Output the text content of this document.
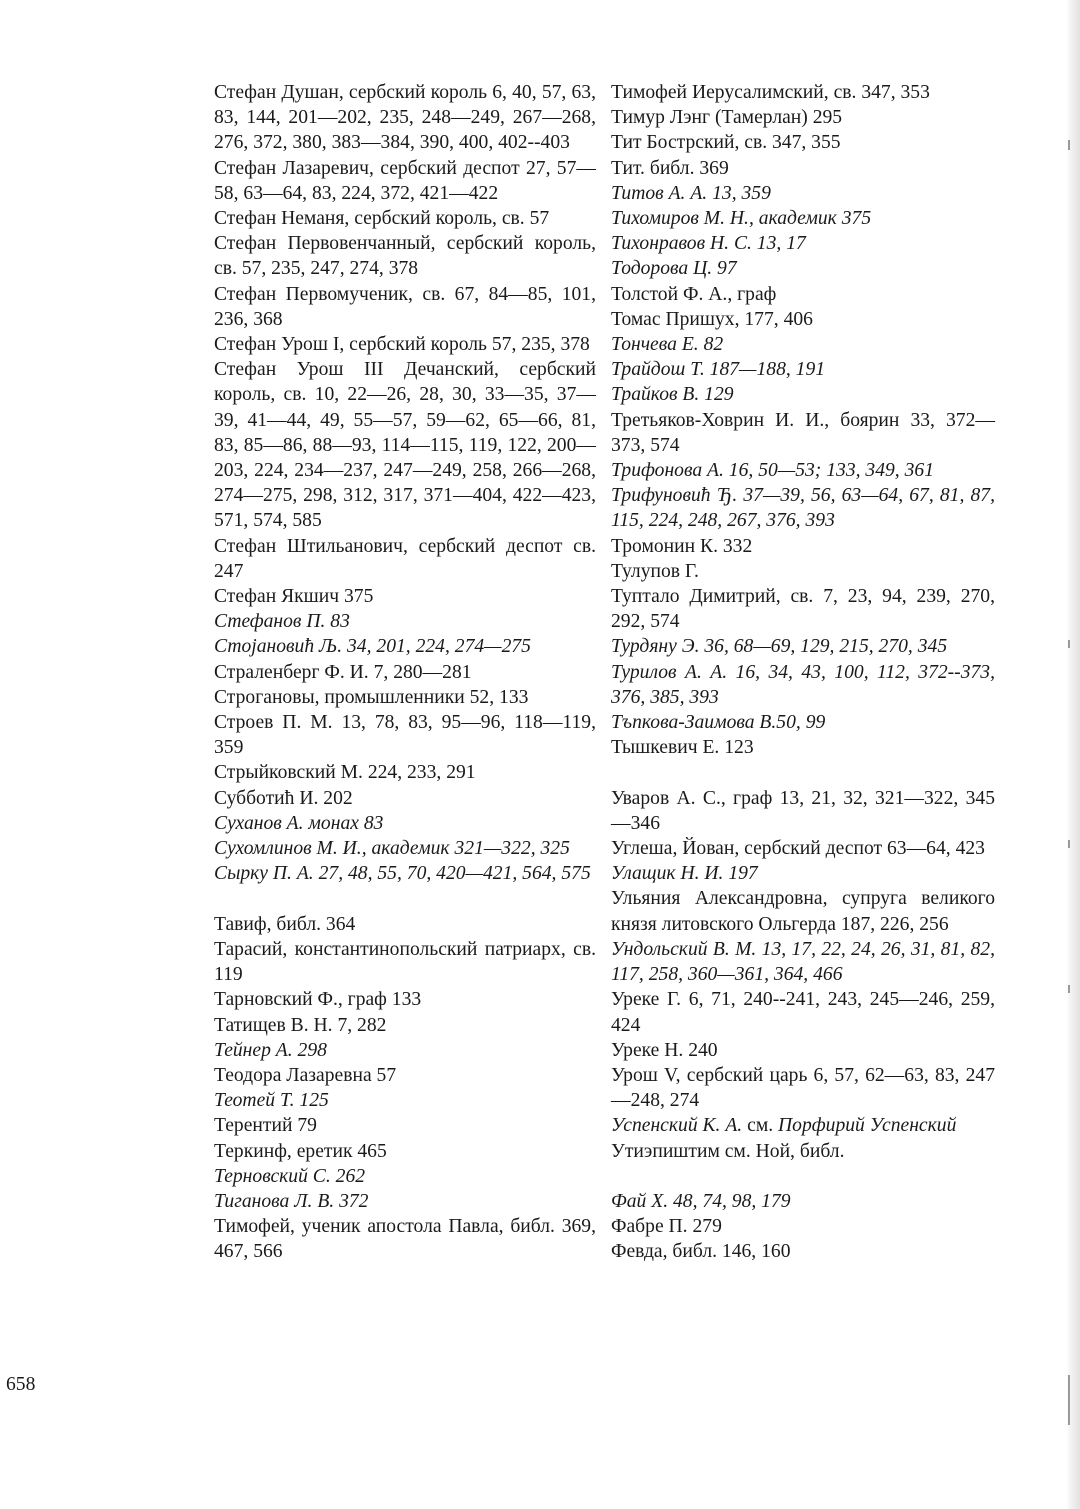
Стефан Душан, сербский король 6, 40, 57, 63, 83, 144, 201—202, 235, 248—249, 267—268, 276, 372, 380, 383—384, 390, 400, 402--403
Стефан Лазаревич, сербский деспот 27, 57—58, 63—64, 83, 224, 372, 421—422
Стефан Неманя, сербский король, св. 57
Стефан Первовенчанный, сербский король, св. 57, 235, 247, 274, 378
Стефан Первомученик, св. 67, 84—85, 101, 236, 368
Стефан Урош I, сербский король 57, 235, 378
Стефан Урош III Дечанский, сербский король, св. 10, 22—26, 28, 30, 33—35, 37—39, 41—44, 49, 55—57, 59—62, 65—66, 81, 83, 85—86, 88—93, 114—115, 119, 122, 200—203, 224, 234—237, 247—249, 258, 266—268, 274—275, 298, 312, 317, 371—404, 422—423, 571, 574, 585
Стефан Штильанович, сербский деспот св. 247
Стефан Якшич 375
Стефанов П. 83
Стојановић Љ. 34, 201, 224, 274—275
Страленберг Ф. И. 7, 280—281
Строгановы, промышленники 52, 133
Строев П. М. 13, 78, 83, 95—96, 118—119, 359
Стрыйковский М. 224, 233, 291
Субботић И. 202
Суханов А. монах 83
Сухомлинов М. И., академик 321—322, 325
Сырку П. А. 27, 48, 55, 70, 420—421, 564, 575
Тавиф, библ. 364
Тарасий, константинопольский патриарх, св. 119
Тарновский Ф., граф 133
Татищев В. Н. 7, 282
Тейнер А. 298
Теодора Лазаревна 57
Теотей Т. 125
Терентий 79
Теркинф, еретик 465
Терновский С. 262
Тиганова Л. В. 372
Тимофей, ученик апостола Павла, библ. 369, 467, 566
Тимофей Иерусалимский, св. 347, 353
Тимур Лэнг (Тамерлан) 295
Тит Бострский, св. 347, 355
Тит. библ. 369
Титов А. А. 13, 359
Тихомиров М. Н., академик 375
Тихонравов Н. С. 13, 17
Тодорова Ц. 97
Толстой Ф. А., граф
Томас Пришух, 177, 406
Тончева Е. 82
Трайдош Т. 187—188, 191
Трайков В. 129
Третьяков-Ховрин И. И., боярин 33, 372—373, 574
Трифонова А. 16, 50—53; 133, 349, 361
Трифуновић Ђ. 37—39, 56, 63—64, 67, 81, 87, 115, 224, 248, 267, 376, 393
Тромонин К. 332
Тулупов Г.
Туптало Димитрий, св. 7, 23, 94, 239, 270, 292, 574
Турдяну Э. 36, 68—69, 129, 215, 270, 345
Турилов А. А. 16, 34, 43, 100, 112, 372--373, 376, 385, 393
Тъпкова-Заимова В.50, 99
Тышкевич Е. 123
Уваров А. С., граф 13, 21, 32, 321—322, 345—346
Углеша, Йован, сербский деспот 63—64, 423
Улащик Н. И. 197
Ульяния Александровна, супруга великого князя литовского Ольгерда 187, 226, 256
Ундольский В. М. 13, 17, 22, 24, 26, 31, 81, 82, 117, 258, 360—361, 364, 466
Уреке Г. 6, 71, 240--241, 243, 245—246, 259, 424
Уреке Н. 240
Урош V, сербский царь 6, 57, 62—63, 83, 247—248, 274
Успенский К. А. см. Порфирий Успенский
Утиэпиштим см. Ной, библ.
Фай Х. 48, 74, 98, 179
Фабре П. 279
Февда, библ. 146, 160
658
